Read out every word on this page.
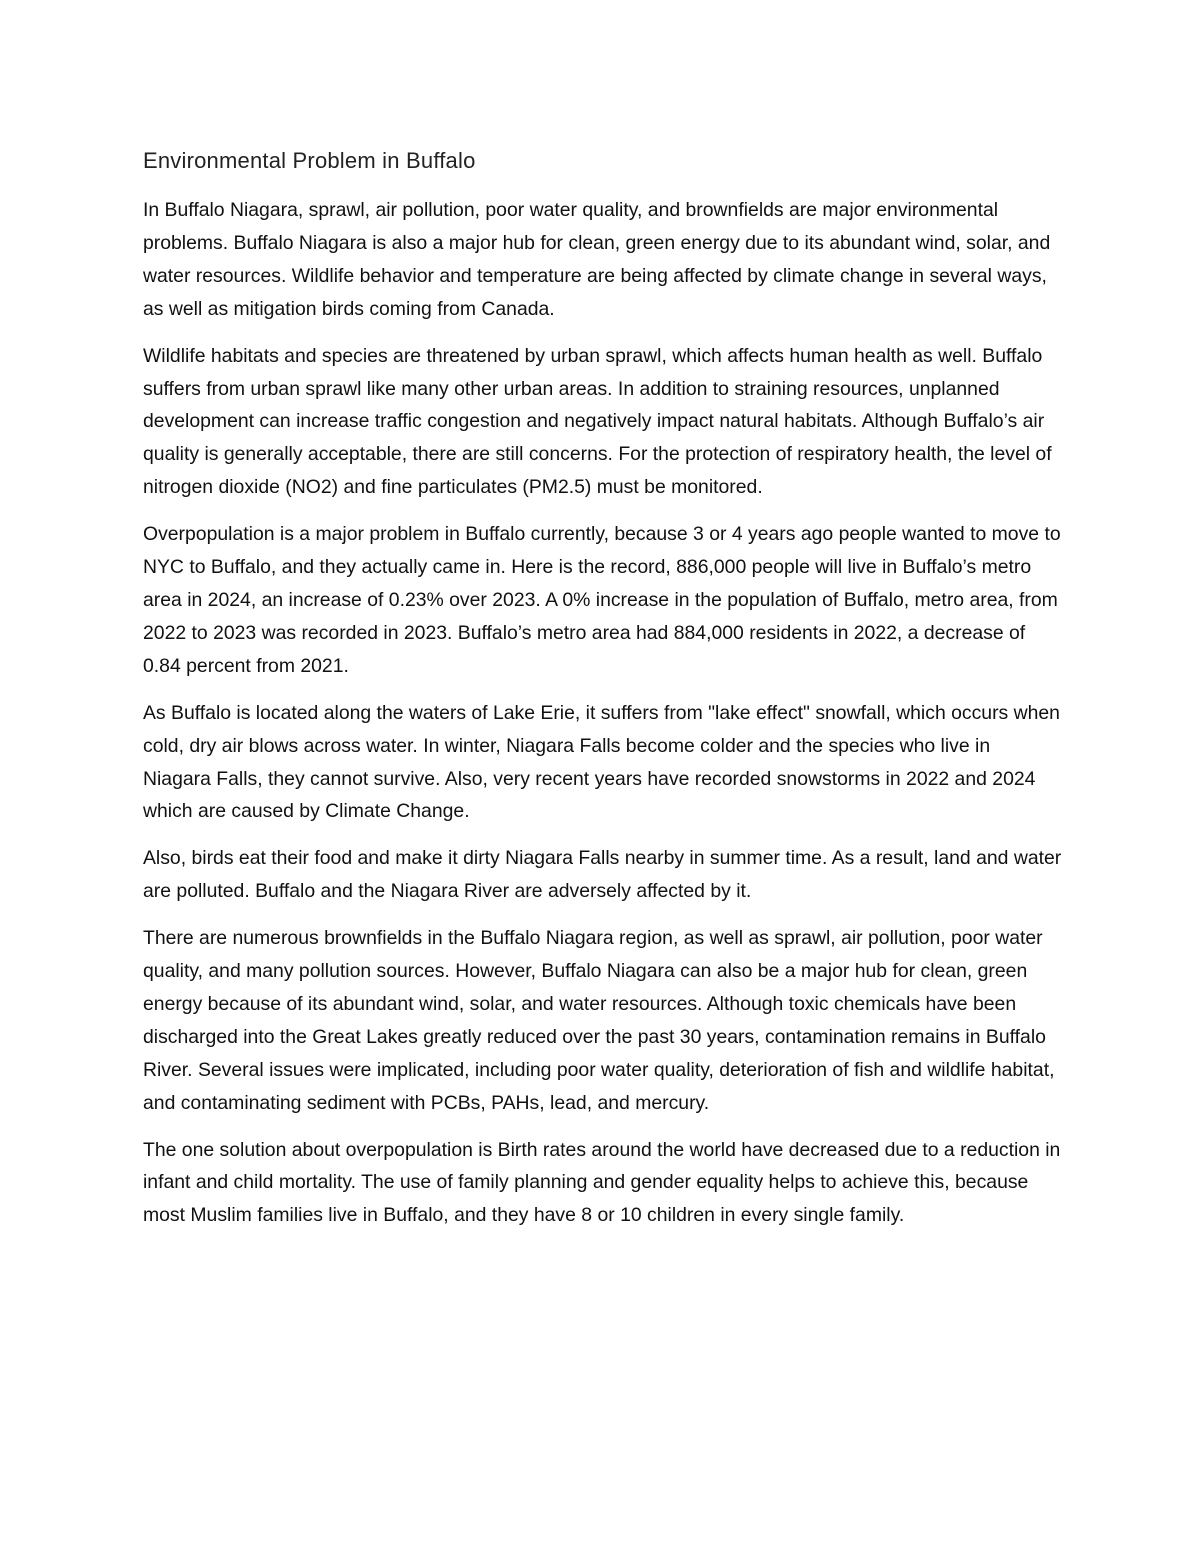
Environmental Problem in Buffalo

In Buffalo Niagara, sprawl, air pollution, poor water quality, and brownfields are major environmental problems. Buffalo Niagara is also a major hub for clean, green energy due to its abundant wind, solar, and water resources. Wildlife behavior and temperature are being affected by climate change in several ways, as well as mitigation birds coming from Canada.

Wildlife habitats and species are threatened by urban sprawl, which affects human health as well. Buffalo suffers from urban sprawl like many other urban areas. In addition to straining resources, unplanned development can increase traffic congestion and negatively impact natural habitats. Although Buffalo’s air quality is generally acceptable, there are still concerns. For the protection of respiratory health, the level of nitrogen dioxide (NO2) and fine particulates (PM2.5) must be monitored.

Overpopulation is a major problem in Buffalo currently, because 3 or 4 years ago people wanted to move to NYC to Buffalo, and they actually came in. Here is the record, 886,000 people will live in Buffalo’s metro area in 2024, an increase of 0.23% over 2023. A 0% increase in the population of Buffalo, metro area, from 2022 to 2023 was recorded in 2023. Buffalo’s metro area had 884,000 residents in 2022, a decrease of 0.84 percent from 2021.

As Buffalo is located along the waters of Lake Erie, it suffers from "lake effect" snowfall, which occurs when cold, dry air blows across water. In winter, Niagara Falls become colder and the species who live in Niagara Falls, they cannot survive. Also, very recent years have recorded snowstorms in 2022 and 2024 which are caused by Climate Change.

Also, birds eat their food and make it dirty Niagara Falls nearby in summer time. As a result, land and water are polluted. Buffalo and the Niagara River are adversely affected by it.

There are numerous brownfields in the Buffalo Niagara region, as well as sprawl, air pollution, poor water quality, and many pollution sources. However, Buffalo Niagara can also be a major hub for clean, green energy because of its abundant wind, solar, and water resources. Although toxic chemicals have been discharged into the Great Lakes greatly reduced over the past 30 years, contamination remains in Buffalo River. Several issues were implicated, including poor water quality, deterioration of fish and wildlife habitat, and contaminating sediment with PCBs, PAHs, lead, and mercury.

The one solution about overpopulation is Birth rates around the world have decreased due to a reduction in infant and child mortality. The use of family planning and gender equality helps to achieve this, because most Muslim families live in Buffalo, and they have 8 or 10 children in every single family.
